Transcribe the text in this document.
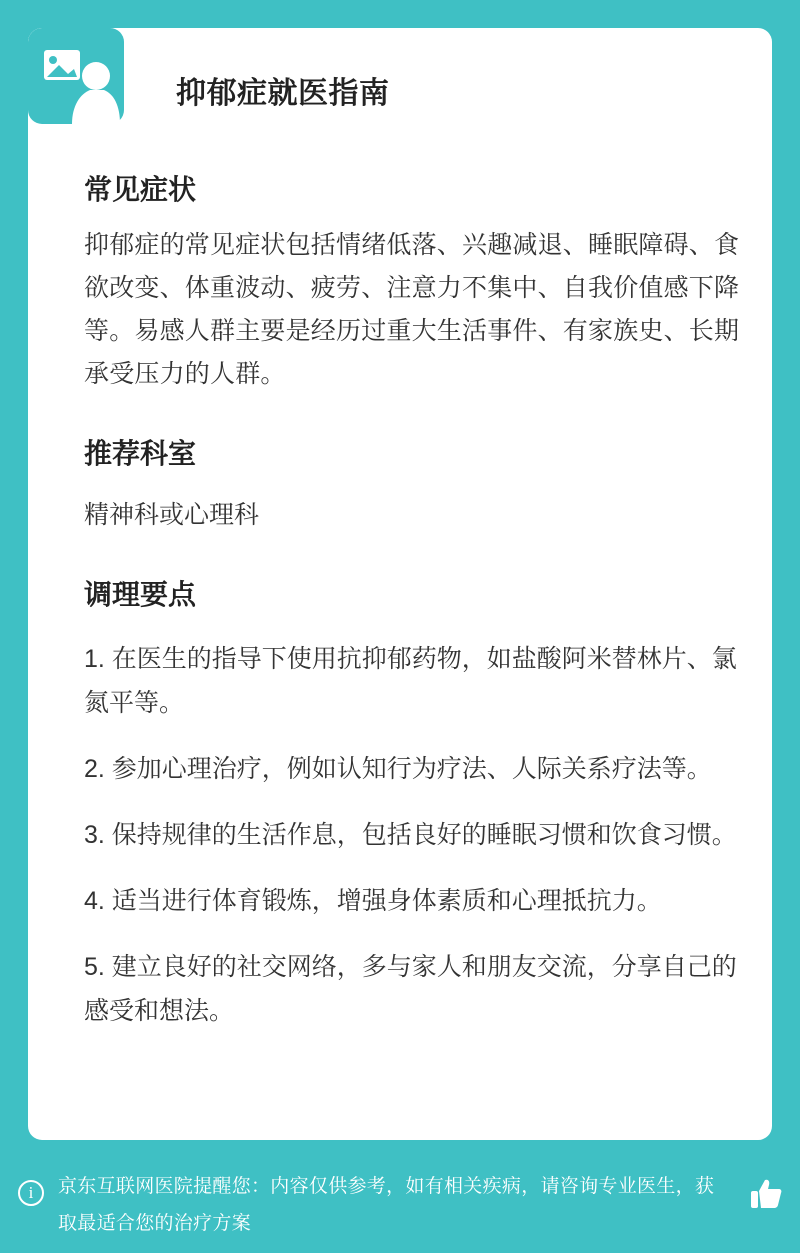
抑郁症就医指南
常见症状

抑郁症的常见症状包括情绪低落、兴趣减退、睡眠障碍、食欲改变、体重波动、疲劳、注意力不集中、自我价值感下降等。易感人群主要是经历过重大生活事件、有家族史、长期承受压力的人群。

推荐科室

精神科或心理科

调理要点

1. 在医生的指导下使用抗抑郁药物，如盐酸阿米替林片、氯氮平等。

2. 参加心理治疗，例如认知行为疗法、人际关系疗法等。

3. 保持规律的生活作息，包括良好的睡眠习惯和饮食习惯。

4. 适当进行体育锻炼，增强身体素质和心理抵抗力。

5. 建立良好的社交网络，多与家人和朋友交流，分享自己的感受和想法。

i	京东互联网医院提醒您：内容仅供参考，如有相关疾病，请咨询专业医生，获取最适合您的治疗方案
